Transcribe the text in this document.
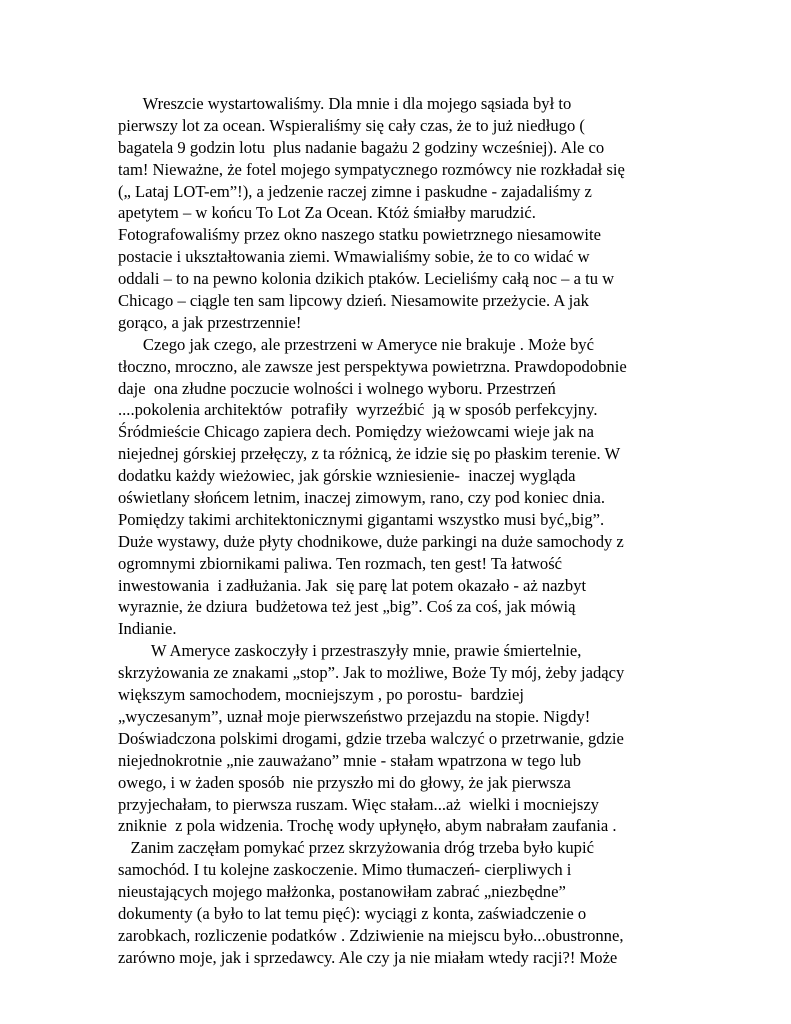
Wreszcie wystartowaliśmy. Dla mnie i dla mojego sąsiada był to
pierwszy lot za ocean. Wspieraliśmy się cały czas, że to już niedługo (
bagatela 9 godzin lotu  plus nadanie bagażu 2 godziny wcześniej). Ale co
tam! Nieważne, że fotel mojego sympatycznego rozmówcy nie rozkładał się
(„ Lataj LOT-em”!), a jedzenie raczej zimne i paskudne - zajadaliśmy z
apetytem – w końcu To Lot Za Ocean. Któż śmiałby marudzić.
Fotografowaliśmy przez okno naszego statku powietrznego niesamowite
postacie i ukształtowania ziemi. Wmawialiśmy sobie, że to co widać w
oddali – to na pewno kolonia dzikich ptaków. Lecieliśmy całą noc – a tu w
Chicago – ciągle ten sam lipcowy dzień. Niesamowite przeżycie. A jak
gorąco, a jak przestrzennie!
Czego jak czego, ale przestrzeni w Ameryce nie brakuje . Może być
tłoczno, mroczno, ale zawsze jest perspektywa powietrzna. Prawdopodobnie
daje  ona złudne poczucie wolności i wolnego wyboru. Przestrzeń
....pokolenia architektów  potrafiły  wyrzeźbić  ją w sposób perfekcyjny.
Śródmieście Chicago zapiera dech. Pomiędzy wieżowcami wieje jak na
niejednej górskiej przełęczy, z ta różnicą, że idzie się po płaskim terenie. W
dodatku każdy wieżowiec, jak górskie wzniesienie-  inaczej wygląda
oświetlany słońcem letnim, inaczej zimowym, rano, czy pod koniec dnia.
Pomiędzy takimi architektonicznymi gigantami wszystko musi być„big”.
Duże wystawy, duże płyty chodnikowe, duże parkingi na duże samochody z
ogromnymi zbiornikami paliwa. Ten rozmach, ten gest! Ta łatwość
inwestowania  i zadłużania. Jak  się parę lat potem okazało - aż nazbyt
wyraznie, że dziura  budżetowa też jest „big”. Coś za coś, jak mówią
Indianie.
W Ameryce zaskoczyły i przestraszyły mnie, prawie śmiertelnie,
skrzyżowania ze znakami „stop”. Jak to możliwe, Boże Ty mój, żeby jadący
większym samochodem, mocniejszym , po porostu-  bardziej
„wyczesanym”, uznał moje pierwszeństwo przejazdu na stopie. Nigdy!
Doświadczona polskimi drogami, gdzie trzeba walczyć o przetrwanie, gdzie
niejednokrotnie „nie zauważano” mnie - stałam wpatrzona w tego lub
owego, i w żaden sposób  nie przyszło mi do głowy, że jak pierwsza
przyjechałam, to pierwsza ruszam. Więc stałam...aż  wielki i mocniejszy
zniknie  z pola widzenia. Trochę wody upłynęło, abym nabrałam zaufania .
Zanim zaczęłam pomykać przez skrzyżowania dróg trzeba było kupić
samochód. I tu kolejne zaskoczenie. Mimo tłumaczeń- cierpliwych i
nieustających mojego małżonka, postanowiłam zabrać „niezbędne”
dokumenty (a było to lat temu pięć): wyciągi z konta, zaświadczenie o
zarobkach, rozliczenie podatków . Zdziwienie na miejscu było...obustronne,
zarówno moje, jak i sprzedawcy. Ale czy ja nie miałam wtedy racji?! Może
